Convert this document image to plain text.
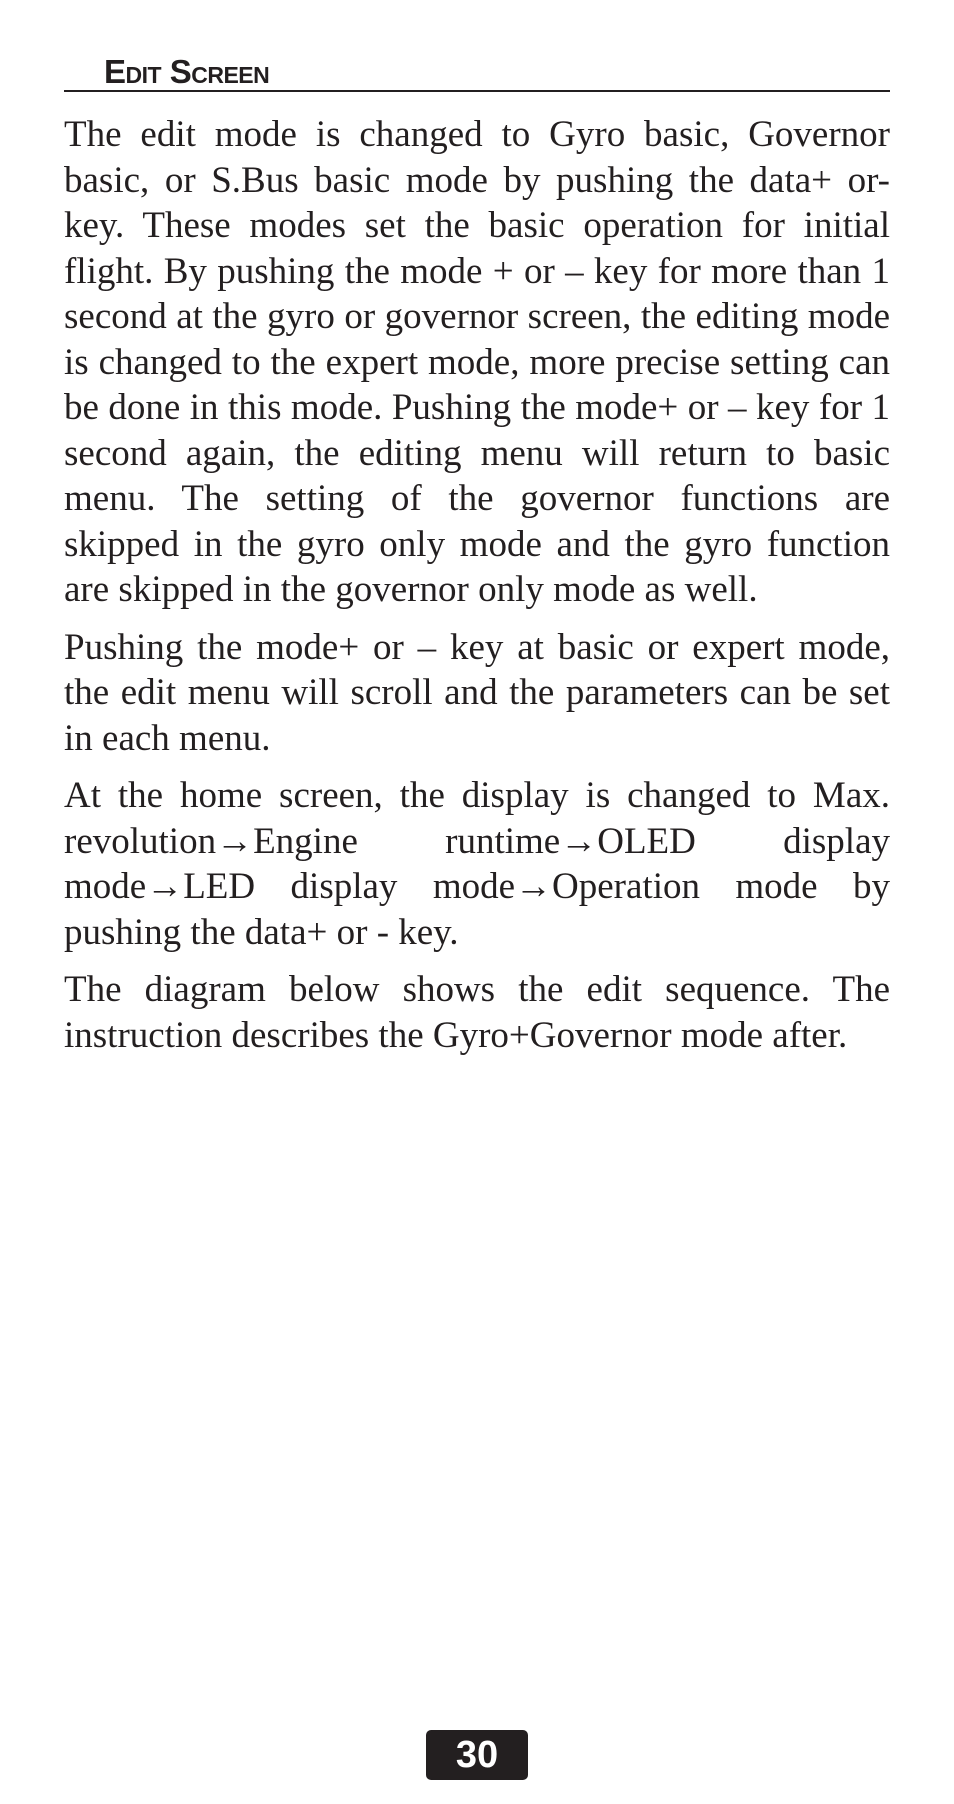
Edit Screen

The edit mode is changed to Gyro basic, Governor basic, or S.Bus basic mode by pushing the data+ or- key. These modes set the basic operation for initial flight. By pushing the mode + or – key for more than 1 second at the gyro or governor screen, the editing mode is changed to the expert mode, more precise setting can be done in this mode. Pushing the mode+ or – key for 1 second again, the editing menu will return to basic menu. The setting of the governor functions are skipped in the gyro only mode and the gyro function are skipped in the governor only mode as well.

Pushing the mode+ or – key at basic or expert mode, the edit menu will scroll and the parameters can be set in each menu.

At the home screen, the display is changed to Max. revolution→Engine runtime→OLED display mode→LED display mode→Operation mode by pushing the data+ or - key.

The diagram below shows the edit sequence. The instruction describes the Gyro+Governor mode after.

30
